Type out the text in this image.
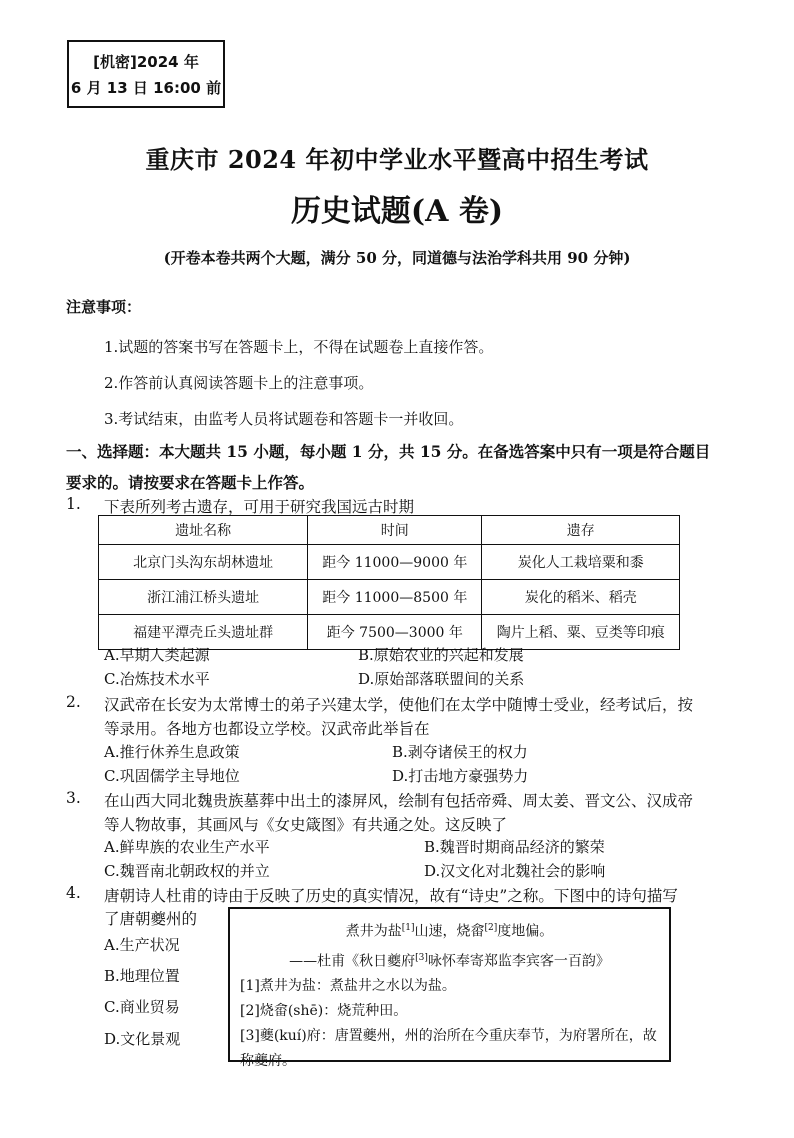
[机密]2024 年
6 月 13 日 16:00 前
重庆市 2024 年初中学业水平暨高中招生考试
历史试题(A 卷)
(开卷本卷共两个大题，满分 50 分，同道德与法治学科共用 90 分钟)
注意事项：
1.试题的答案书写在答题卡上，不得在试题卷上直接作答。
2.作答前认真阅读答题卡上的注意事项。
3.考试结束，由监考人员将试题卷和答题卡一并收回。
一、选择题：本大题共 15 小题，每小题 1 分，共 15 分。在备选答案中只有一项是符合题目
要求的。请按要求在答题卡上作答。
1. 下表所列考古遗存，可用于研究我国远古时期
遗址名称	时间	遗存
北京门头沟东胡林遗址	距今 11000—9000 年	炭化人工栽培粟和黍
浙江浦江桥头遗址	距今 11000—8500 年	炭化的稻米、稻壳
福建平潭壳丘头遗址群	距今 7500—3000 年	陶片上稻、粟、豆类等印痕
A.早期人类起源	B.原始农业的兴起和发展
C.冶炼技术水平	D.原始部落联盟间的关系
2. 汉武帝在长安为太常博士的弟子兴建太学，使他们在太学中随博士受业，经考试后，按
等录用。各地方也都设立学校。汉武帝此举旨在
A.推行休养生息政策	B.剥夺诸侯王的权力
C.巩固儒学主导地位	D.打击地方豪强势力
3. 在山西大同北魏贵族墓葬中出土的漆屏风，绘制有包括帝舜、周太姜、晋文公、汉成帝
等人物故事，其画风与《女史箴图》有共通之处。这反映了
A.鲜卑族的农业生产水平	B.魏晋时期商品经济的繁荣
C.魏晋南北朝政权的并立	D.汉文化对北魏社会的影响
4. 唐朝诗人杜甫的诗由于反映了历史的真实情况，故有“诗史”之称。下图中的诗句描写
了唐朝夔州的
A.生产状况
B.地理位置
C.商业贸易
D.文化景观
煮井为盐[1]山速，烧畲[2]度地偏。
——杜甫《秋日夔府[3]咏怀奉寄郑监李宾客一百韵》
[1]煮井为盐：煮盐井之水以为盐。
[2]烧畲(shē)：烧荒种田。
[3]夔(kuí)府：唐置夔州，州的治所在今重庆奉节，为府署所在，故称夔府。
